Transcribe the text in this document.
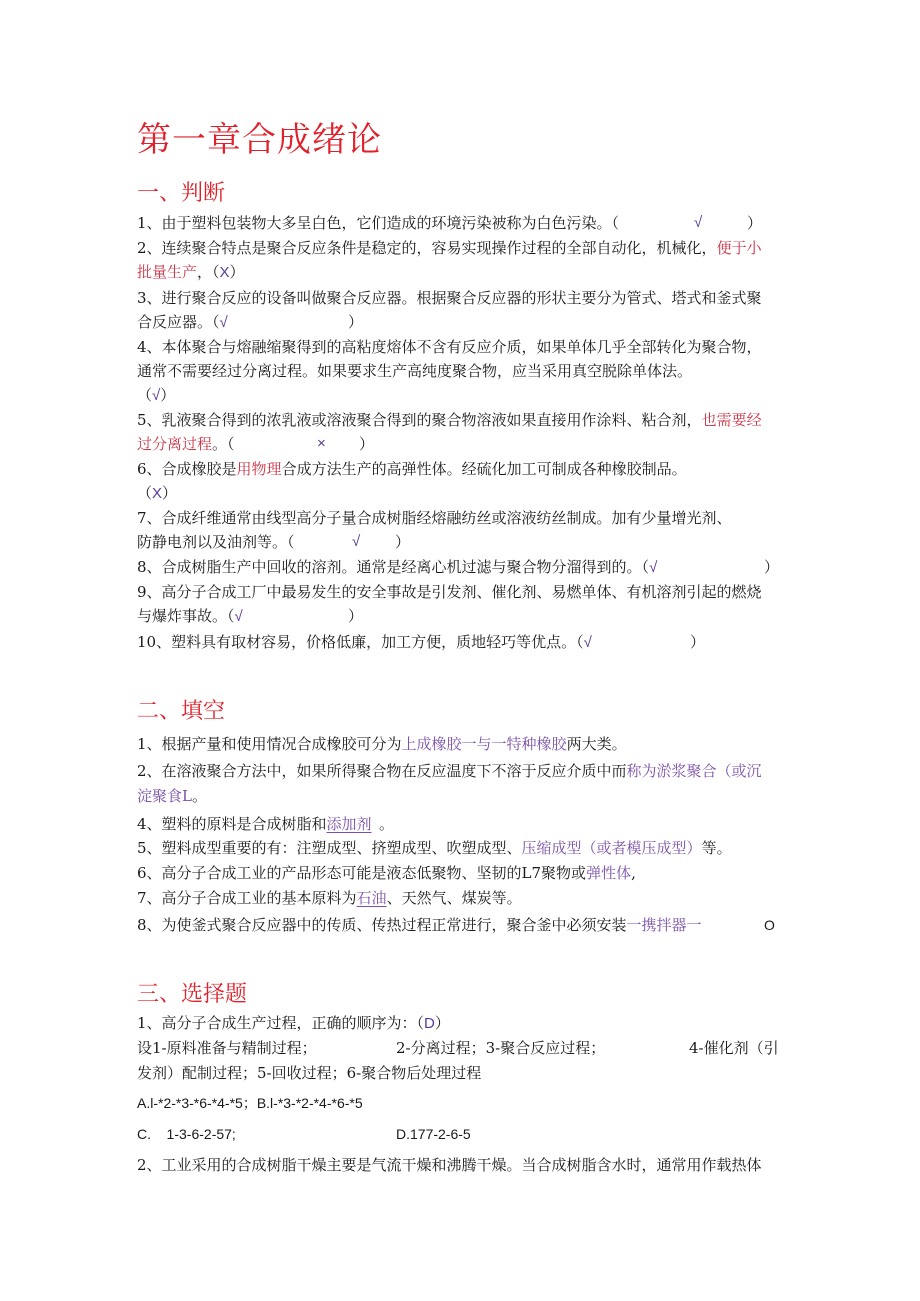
第一章合成绪论
一、判断
1、由于塑料包装物大多呈白色，它们造成的环境污染被称为白色污染。（	√	）
2、连续聚合特点是聚合反应条件是稳定的，容易实现操作过程的全部自动化，机械化，便于小
批量生产，（X）
3、进行聚合反应的设备叫做聚合反应器。根据聚合反应器的形状主要分为管式、塔式和釜式聚
合反应器。（√	）
4、本体聚合与熔融缩聚得到的高粘度熔体不含有反应介质，如果单体几乎全部转化为聚合物，
通常不需要经过分离过程。如果要求生产高纯度聚合物，应当采用真空脱除单体法。
（√）
5、乳液聚合得到的浓乳液或溶液聚合得到的聚合物溶液如果直接用作涂料、粘合剂，也需要经
过分离过程。（	× ）
6、合成橡胶是用物理合成方法生产的高弹性体。经硫化加工可制成各种橡胶制品。
（X）
7、合成纤维通常由线型高分子量合成树脂经熔融纺丝或溶液纺丝制成。加有少量增光剂、
防静电剂以及油剂等。（	√ ）
8、合成树脂生产中回收的溶剂。通常是经离心机过滤与聚合物分溜得到的。（√	）
9、高分子合成工厂中最易发生的安全事故是引发剂、催化剂、易燃单体、有机溶剂引起的燃烧
与爆炸事故。（√	）
10、塑料具有取材容易，价格低廉，加工方便，质地轻巧等优点。（√	）
二、填空
1、根据产量和使用情况合成橡胶可分为上成橡胶一与一特种橡胶两大类。
2、在溶液聚合方法中，如果所得聚合物在反应温度下不溶于反应介质中而称为淤浆聚合（或沉
淀聚食L。
4、塑料的原料是合成树脂和添加剂 。
5、塑料成型重要的有：注塑成型、挤塑成型、吹塑成型、压缩成型（或者模压成型）等。
6、高分子合成工业的产品形态可能是液态低聚物、坚韧的L7聚物或弹性体,
7、高分子合成工业的基本原料为石油、天然气、煤炭等。
8、为使釜式聚合反应器中的传质、传热过程正常进行，聚合釜中必须安装一携拌器一	O
三、选择题
1、高分子合成生产过程，正确的顺序为：（D）
设1-原料准备与精制过程；	2-分离过程；3-聚合反应过程；	4-催化剂（引
发剂）配制过程；5-回收过程；6-聚合物后处理过程
A.l-*2-*3-*6-*4-*5；B.l-*3-*2-*4-*6-*5
C.    1-3-6-2-57;	D.177-2-6-5
2、工业采用的合成树脂干燥主要是气流干燥和沸腾干燥。当合成树脂含水时，通常用作载热体
